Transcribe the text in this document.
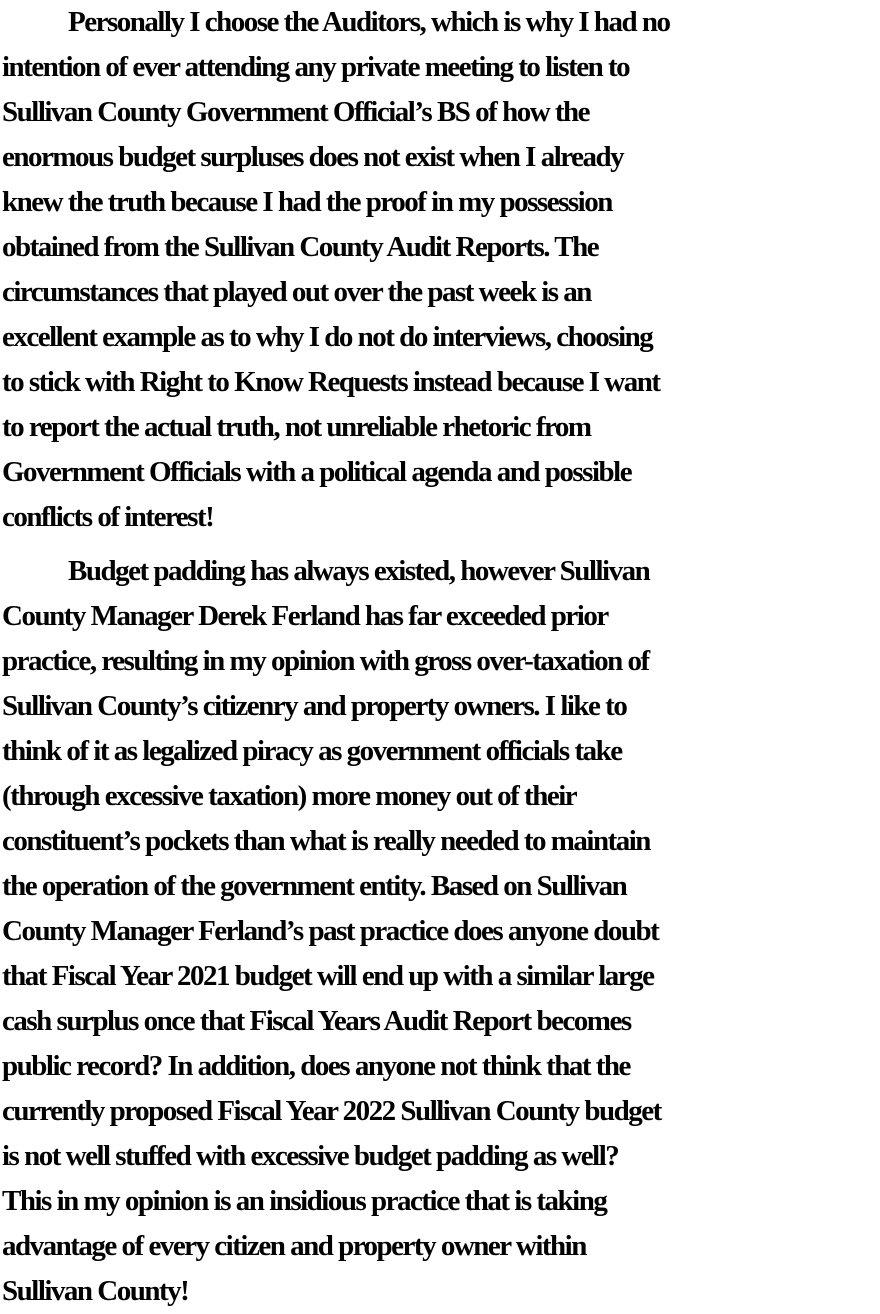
Personally I choose the Auditors, which is why I had no
intention of ever attending any private meeting to listen to
Sullivan County Government Official’s BS of how the
enormous budget surpluses does not exist when I already
knew the truth because I had the proof in my possession
obtained from the Sullivan County Audit Reports. The
circumstances that played out over the past week is an
excellent example as to why I do not do interviews, choosing
to stick with Right to Know Requests instead because I want
to report the actual truth, not unreliable rhetoric from
Government Officials with a political agenda and possible
conflicts of interest!

Budget padding has always existed, however Sullivan
County Manager Derek Ferland has far exceeded prior
practice, resulting in my opinion with gross over-taxation of
Sullivan County’s citizenry and property owners. I like to
think of it as legalized piracy as government officials take
(through excessive taxation) more money out of their
constituent’s pockets than what is really needed to maintain
the operation of the government entity. Based on Sullivan
County Manager Ferland’s past practice does anyone doubt
that Fiscal Year 2021 budget will end up with a similar large
cash surplus once that Fiscal Years Audit Report becomes
public record? In addition, does anyone not think that the
currently proposed Fiscal Year 2022 Sullivan County budget
is not well stuffed with excessive budget padding as well?
This in my opinion is an insidious practice that is taking
advantage of every citizen and property owner within
Sullivan County!
